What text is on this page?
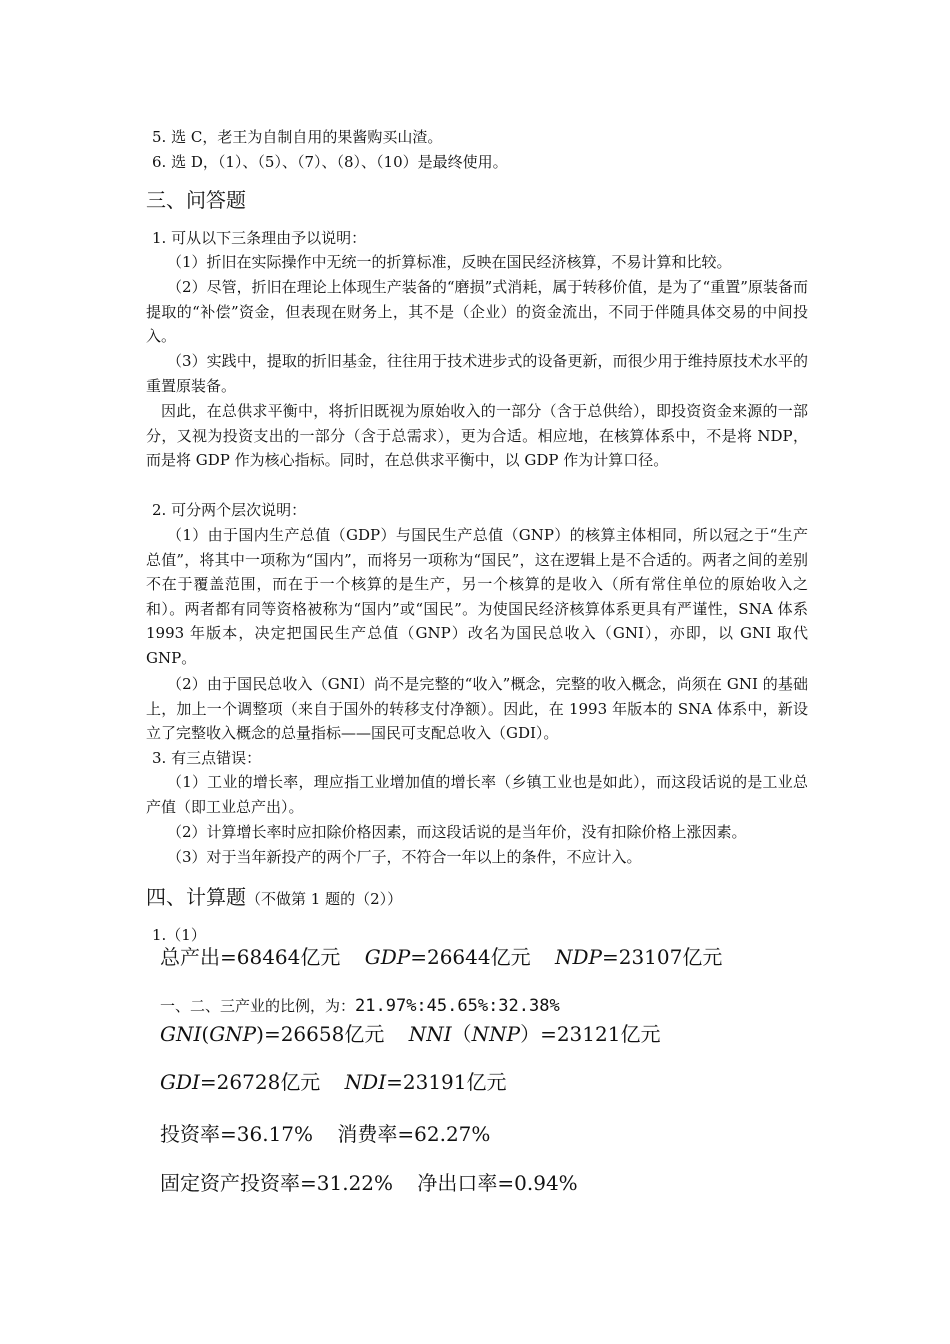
5. 选 C，老王为自制自用的果酱购买山渣。
6. 选 D，（1）、（5）、（7）、（8）、（10）是最终使用。
三、问答题
1. 可从以下三条理由予以说明：
（1）折旧在实际操作中无统一的折算标准，反映在国民经济核算，不易计算和比较。
（2）尽管，折旧在理论上体现生产装备的“磨损”式消耗，属于转移价值，是为了“重置”原装备而提取的“补偿”资金，但表现在财务上，其不是（企业）的资金流出，不同于伴随具体交易的中间投入。
（3）实践中，提取的折旧基金，往往用于技术进步式的设备更新，而很少用于维持原技术水平的重置原装备。
因此，在总供求平衡中，将折旧既视为原始收入的一部分（含于总供给），即投资资金来源的一部分，又视为投资支出的一部分（含于总需求），更为合适。相应地，在核算体系中，不是将 NDP，而是将 GDP 作为核心指标。同时，在总供求平衡中，以 GDP 作为计算口径。
2. 可分两个层次说明：
（1）由于国内生产总值（GDP）与国民生产总值（GNP）的核算主体相同，所以冠之于“生产总值”，将其中一项称为“国内”，而将另一项称为“国民”，这在逻辑上是不合适的。两者之间的差别不在于覆盖范围，而在于一个核算的是生产，另一个核算的是收入（所有常住单位的原始收入之和）。两者都有同等资格被称为“国内”或“国民”。为使国民经济核算体系更具有严谨性，SNA 体系 1993 年版本，决定把国民生产总值（GNP）改名为国民总收入（GNI），亦即，以 GNI 取代 GNP。
（2）由于国民总收入（GNI）尚不是完整的“收入”概念，完整的收入概念，尚须在 GNI 的基础上，加上一个调整项（来自于国外的转移支付净额）。因此，在 1993 年版本的 SNA 体系中，新设立了完整收入概念的总量指标——国民可支配总收入（GDI）。
3. 有三点错误：
（1）工业的增长率，理应指工业增加值的增长率（乡镇工业也是如此），而这段话说的是工业总产值（即工业总产出）。
（2）计算增长率时应扣除价格因素，而这段话说的是当年价，没有扣除价格上涨因素。
（3）对于当年新投产的两个厂子，不符合一年以上的条件，不应计入。
四、计算题（不做第 1 题的（2））
1.（1）
总产出=68464亿元 GDP=26644亿元 NDP=23107亿元
一、二、三产业的比例，为：21.97%:45.65%:32.38%
GNI(GNP)=26658亿元 NNI（NNP）=23121亿元
GDI=26728亿元 NDI=23191亿元
投资率=36.17% 消费率=62.27%
固定资产投资率=31.22% 净出口率=0.94%
